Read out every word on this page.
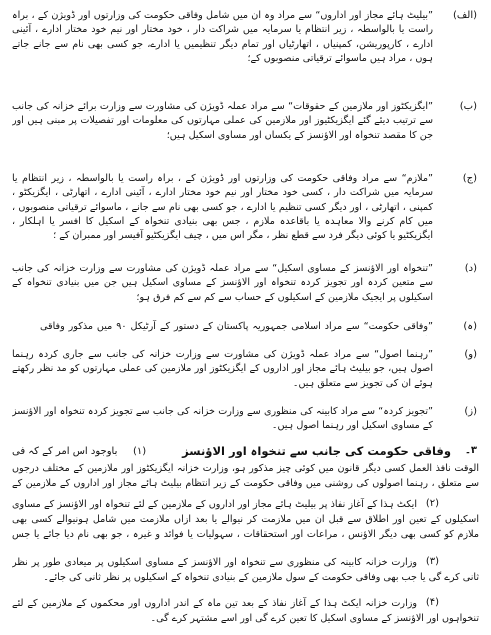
(الف)
”بیلیٹ ہائے مجاز اور اداروں“ سے مراد وہ ان میں شامل وفاقی حکومت کی وزارتوں اور ڈویژن کے ، براہ راست یا بالواسطہ ، زیر انتظام یا سرمایہ میں شراکت دار ، خود مختار اور نیم خود مختار ادارے ، آئینی ادارے ، کارپوریشن، کمپنیاں ، اتھارٹیاں اور تمام دیگر تنظیمیں یا ادارے، جو کسی بھی نام سے جانے جاتے ہوں ، مراد ہیں ماسوائے ترقیاتی منصوبوں کے؛
(ب)
”ایگزیکٹوز اور ملازمین کے حقوقات“ سے مراد عملہ ڈویژن کی مشاورت سے وزارت برائے خزانہ کی جانب سے ترتیب دیئے گئے ایگزیکٹیوز اور ملازمین کی عملی مہارتوں کی معلومات اور تفصیلات پر مبنی ہیں اور جن کا مقصد تنخواہ اور الاؤنسز کے یکساں اور مساوی اسکیل ہیں؛
(ج)
”ملازم“ سے مراد وفاقی حکومت کی وزارتوں اور ڈویژن کے ، براہ راست یا بالواسطہ ، زیر انتظام یا سرمایہ میں شراکت دار ، کسی خود مختار اور نیم خود مختار ادارے ، آئینی ادارے ، اتھارٹی ، ایگزیکٹو ، کمپنی ، اتھارٹی ، اور دیگر کسی تنظیم یا ادارے ، جو کسی بھی نام سے جانے ، ماسوائے ترقیاتی منصوبوں ، میں کام کرنے والا معاہدہ یا باقاعدہ ملازم ، جس بھی بنیادی تنخواہ کے اسکیل کا افسر یا اہلکار ، ایگزیکٹیو یا کوئی دیگر فرد سے قطع نظر ، مگر اس میں ، چیف ایگزیکٹیو آفیسر اور ممبران کے ؛
(د)
”تنخواہ اور الاؤنسز کے مساوی اسکیل“ سے مراد عملہ ڈویژن کی مشاورت سے وزارت خزانہ کی جانب سے متعین کردہ اور تجویز کردہ تنخواہ اور الاؤنسز کے مساوی اسکیل ہیں جن میں بنیادی تنخواہ کے اسکیلوں پر ایجیک ملازمین کے اسکیلوں کے حساب سے کم سے کم فرق ہو؛
(ہ)
”وفاقی حکومت“ سے مراد اسلامی جمہوریہ پاکستان کے دستور کے آرٹیکل ۹۰ میں مذکور وفاقی
(و)
”رہنما اصول“ سے مراد عملہ ڈویژن کی مشاورت سے وزارت خزانہ کی جانب سے جاری کردہ رہنما اصول ہیں، جو بیلیٹ ہائے مجاز اور اداروں کے ایگزیکٹوز اور ملازمین کی عملی مہارتوں کو مد نظر رکھتے ہوئے ان کی تجویز سے متعلق ہیں۔
(ز)
”تجویز کردہ“ سے مراد کابینہ کی منظوری سے وزارت خزانہ کی جانب سے تجویز کردہ تنخواہ اور الاؤنسز کے مساوی اسکیل اور رہنما اصول ہیں۔
۳۔
وفاقی حکومت کی جانب سے تنخواہ اور الاؤنسز
(۱)
باوجود اس امر کے کہ فی
الوقت نافذ العمل کسی دیگر قانون میں کوئی چیز مذکور ہو، وزارت خزانہ ایگزیکٹوز اور ملازمین کے مختلف درجوں سے متعلق ، رہنما اصولوں کی روشنی میں وفاقی حکومت کے زیر انتظام بیلیٹ ہائے مجاز اور اداروں کے ملازمین کے
(۲)
ایکٹ ہذا کے آغاز نفاذ پر بیلیٹ ہائے مجاز اور اداروں کے ملازمین کے لئے تنخواہ اور الاؤنسز کے مساوی اسکیلوں کے تعین اور اطلاق سے قبل ان میں ملازمت کر نیوالے یا بعد ازاں ملازمت میں شامل ہونیوالے کسی بھی ملازم کو کسی بھی دیگر الاؤنس ، مراعات اور استحقاقات ، سہولیات یا فوائد و غیرہ ، جو بھی نام دیا جائے یا جس
(۳)
وزارت خزانہ کابینہ کی منظوری سے تنخواہ اور الاؤنسز کے مساوی اسکیلوں پر میعادی طور پر نظر ثانی کرے گی یا جب بھی وفاقی حکومت کے سول ملازمین کے بنیادی تنخواہ کے اسکیلوں پر نظر ثانی کی جائے۔
(۴)
وزارت خزانہ ایکٹ ہذا کے آغاز نفاذ کے بعد تین ماہ کے اندر اداروں اور محکموں کے ملازمین کے لئے تنخواہوں اور الاؤنسز کے مساوی اسکیل کا تعین کرے گی اور اسے مشتہر کرے گی۔
